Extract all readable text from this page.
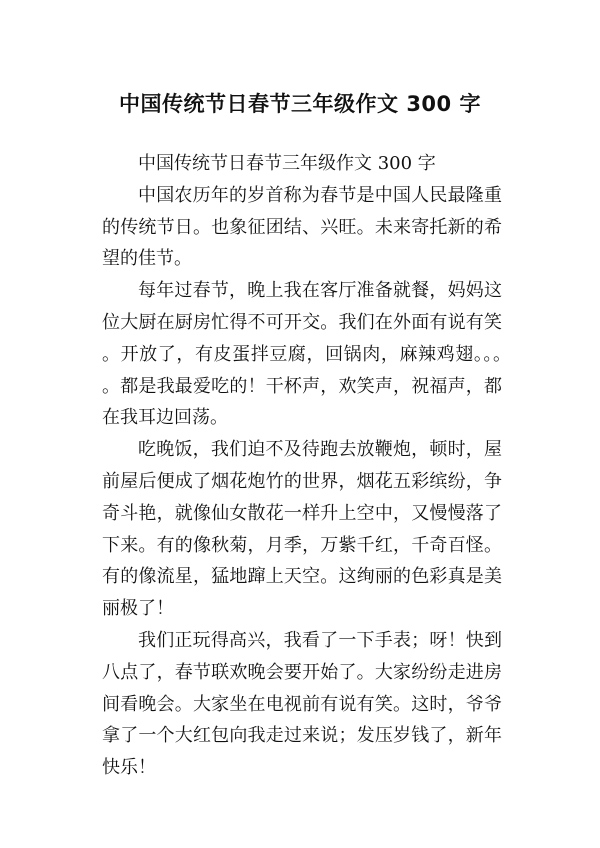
中国传统节日春节三年级作文 300 字

中国传统节日春节三年级作文 300 字

中国农历年的岁首称为春节是中国人民最隆重的传统节日。也象征团结、兴旺。未来寄托新的希望的佳节。

每年过春节，晚上我在客厅准备就餐，妈妈这位大厨在厨房忙得不可开交。我们在外面有说有笑。开放了，有皮蛋拌豆腐，回锅肉，麻辣鸡翅。。。。都是我最爱吃的！干杯声，欢笑声，祝福声，都在我耳边回荡。

吃晚饭，我们迫不及待跑去放鞭炮，顿时，屋前屋后便成了烟花炮竹的世界，烟花五彩缤纷，争奇斗艳，就像仙女散花一样升上空中，又慢慢落了下来。有的像秋菊，月季，万紫千红，千奇百怪。有的像流星，猛地蹿上天空。这绚丽的色彩真是美丽极了！

我们正玩得高兴，我看了一下手表；呀！快到八点了，春节联欢晚会要开始了。大家纷纷走进房间看晚会。大家坐在电视前有说有笑。这时，爷爷拿了一个大红包向我走过来说；发压岁钱了，新年快乐！
